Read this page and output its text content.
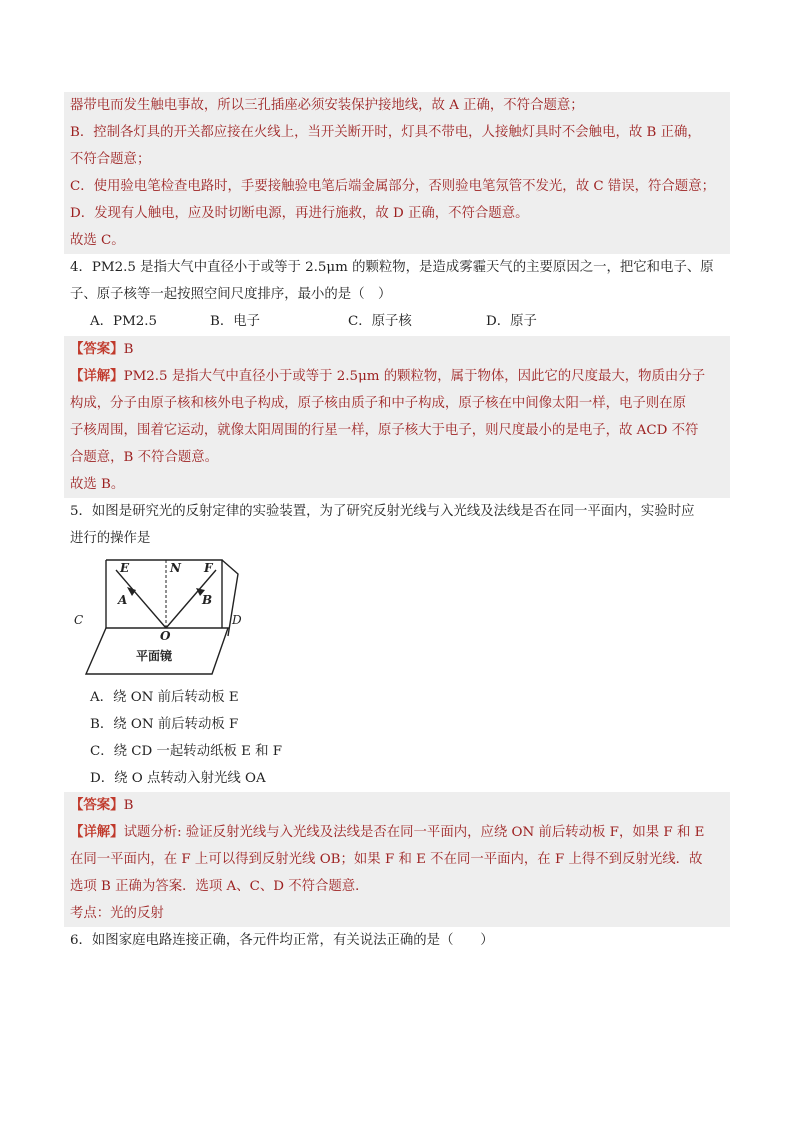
器带电而发生触电事故，所以三孔插座必须安装保护接地线，故 A 正确，不符合题意；
B．控制各灯具的开关都应接在火线上，当开关断开时，灯具不带电，人接触灯具时不会触电，故 B 正确，
不符合题意；
C．使用验电笔检查电路时，手要接触验电笔后端金属部分，否则验电笔氖管不发光，故 C 错误，符合题意；
D．发现有人触电，应及时切断电源，再进行施救，故 D 正确，不符合题意。
故选 C。
4．PM2.5 是指大气中直径小于或等于 2.5μm 的颗粒物，是造成雾霾天气的主要原因之一，把它和电子、原
子、原子核等一起按照空间尺度排序，最小的是（　）
A．PM2.5	B．电子	C．原子核	D．原子
【答案】B
【详解】PM2.5 是指大气中直径小于或等于 2.5μm 的颗粒物，属于物体，因此它的尺度最大，物质由分子
构成，分子由原子核和核外电子构成，原子核由质子和中子构成，原子核在中间像太阳一样，电子则在原
子核周围，围着它运动，就像太阳周围的行星一样，原子核大于电子，则尺度最小的是电子，故 ACD 不符
合题意，B 不符合题意。
故选 B。
5．如图是研究光的反射定律的实验装置，为了研究反射光线与入光线及法线是否在同一平面内，实验时应
进行的操作是
E	N F
A	B
O
C	D
平面镜
A．绕 ON 前后转动板 E
B．绕 ON 前后转动板 F
C．绕 CD 一起转动纸板 E 和 F
D．绕 O 点转动入射光线 OA
【答案】B
【详解】试题分析: 验证反射光线与入光线及法线是否在同一平面内，应绕 ON 前后转动板 F，如果 F 和 E
在同一平面内，在 F 上可以得到反射光线 OB；如果 F 和 E 不在同一平面内，在 F 上得不到反射光线．故
选项 B 正确为答案．选项 A、C、D 不符合题意．
考点：光的反射
6．如图家庭电路连接正确，各元件均正常，有关说法正确的是（　　）
